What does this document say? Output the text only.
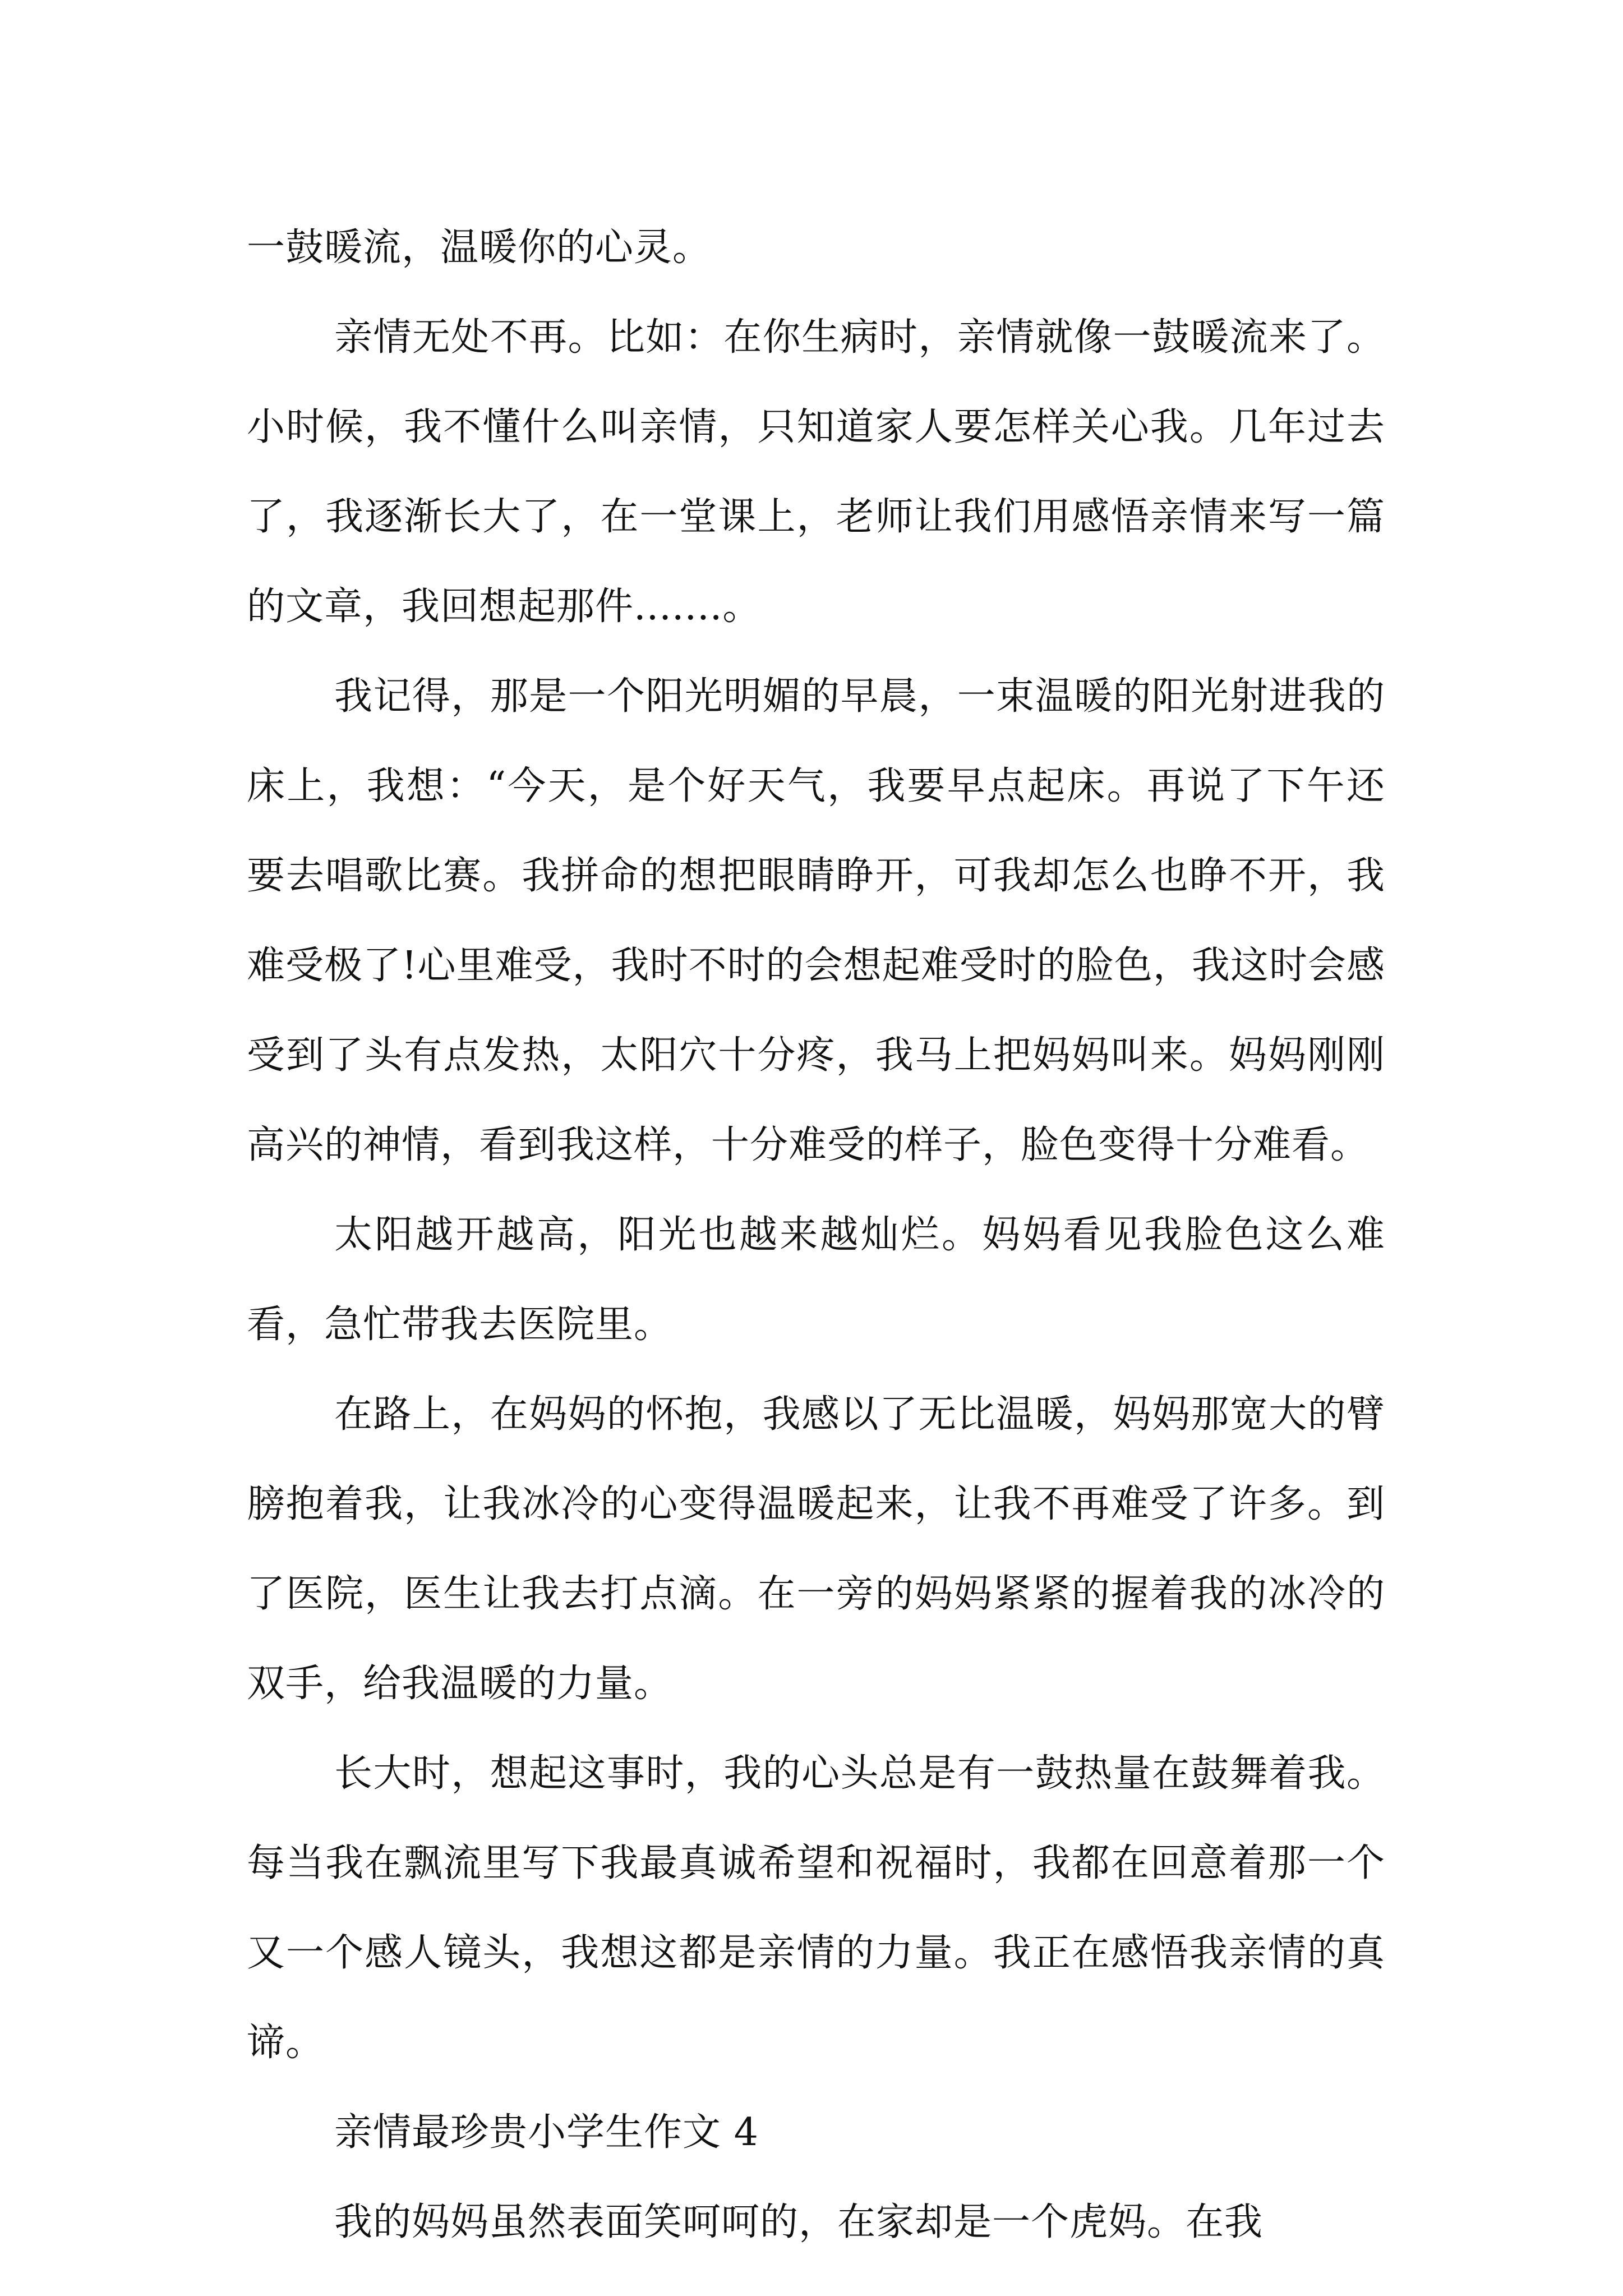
一鼓暖流，温暖你的心灵。

亲情无处不再。比如：在你生病时，亲情就像一鼓暖流来了。小时候，我不懂什么叫亲情，只知道家人要怎样关心我。几年过去了，我逐渐长大了，在一堂课上，老师让我们用感悟亲情来写一篇的文章，我回想起那件.......。

我记得，那是一个阳光明媚的早晨，一束温暖的阳光射进我的床上，我想：“今天，是个好天气，我要早点起床。再说了下午还要去唱歌比赛。我拼命的想把眼睛睁开，可我却怎么也睁不开，我难受极了!心里难受，我时不时的会想起难受时的脸色，我这时会感受到了头有点发热，太阳穴十分疼，我马上把妈妈叫来。妈妈刚刚高兴的神情，看到我这样，十分难受的样子，脸色变得十分难看。

太阳越开越高，阳光也越来越灿烂。妈妈看见我脸色这么难看，急忙带我去医院里。

在路上，在妈妈的怀抱，我感以了无比温暖，妈妈那宽大的臂膀抱着我，让我冰冷的心变得温暖起来，让我不再难受了许多。到了医院，医生让我去打点滴。在一旁的妈妈紧紧的握着我的冰冷的双手，给我温暖的力量。

长大时，想起这事时，我的心头总是有一鼓热量在鼓舞着我。每当我在飘流里写下我最真诚希望和祝福时，我都在回意着那一个又一个感人镜头，我想这都是亲情的力量。我正在感悟我亲情的真谛。

亲情最珍贵小学生作文 4

我的妈妈虽然表面笑呵呵的，在家却是一个虎妈。在我
